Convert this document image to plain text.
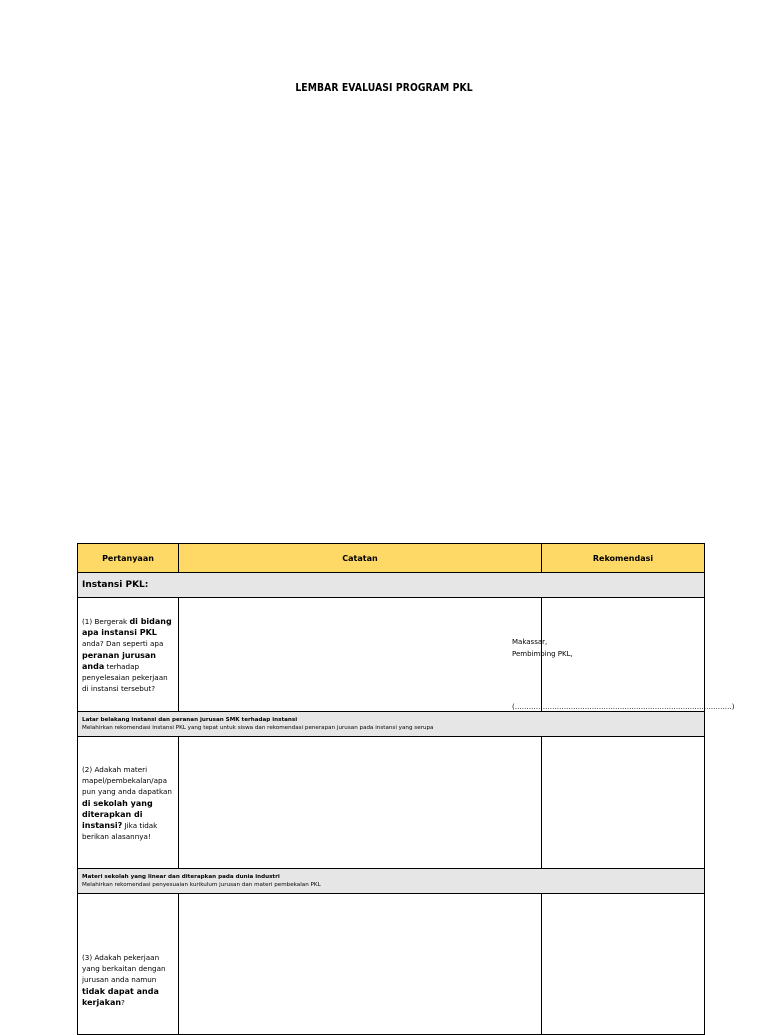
LEMBAR EVALUASI PROGRAM PKL
Pertanyaan	Catatan	Rekomendasi
Instansi PKL:		

(1) Bergerak di bidang apa instansi PKL anda? Dan seperti apa peranan jurusan anda terhadap penyelesaian pekerjaan di instansi tersebut?		

Latar belakang instansi dan peranan jurusan SMK terhadap instansi
Melahirkan rekomendasi instansi PKL yang tepat untuk siswa dan rekomendasi penerapan jurusan pada instansi yang serupa		

(2) Adakah materi mapel/pembekalan/apa pun yang anda dapatkan di sekolah yang diterapkan di instansi? Jika tidak berikan alasannya!		

Materi sekolah yang linear dan diterapkan pada dunia industri
Melahirkan rekomendasi penyesuaian kurikulum jurusan dan materi pembekalan PKL		

(3) Adakah pekerjaan yang berkaitan dengan jurusan anda namun tidak dapat anda kerjakan?		

Makassar,
Pembimbing PKL,
(…………………………………………………………………………………)
